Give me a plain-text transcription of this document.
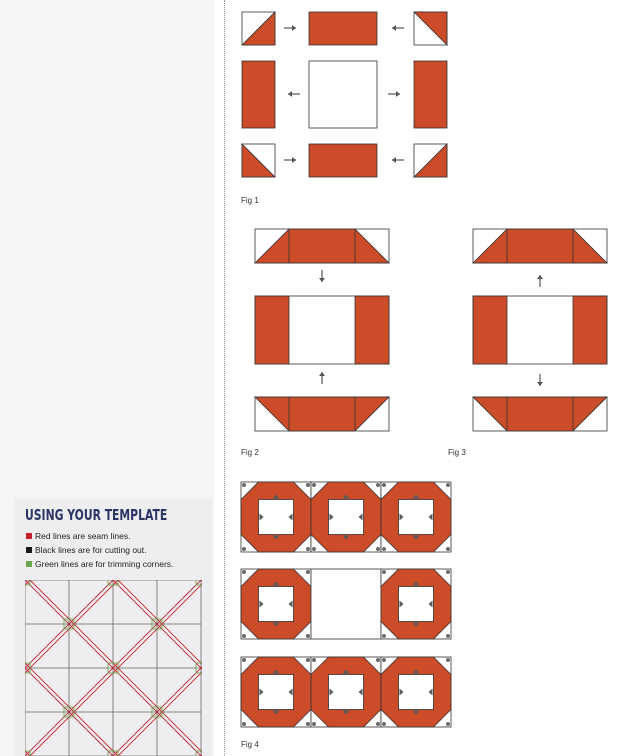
USING YOUR TEMPLATE
Red lines are seam lines.
Black lines are for cutting out.
Green lines are for trimming corners.
Fig 1
Fig 2	Fig 3
Fig 4
